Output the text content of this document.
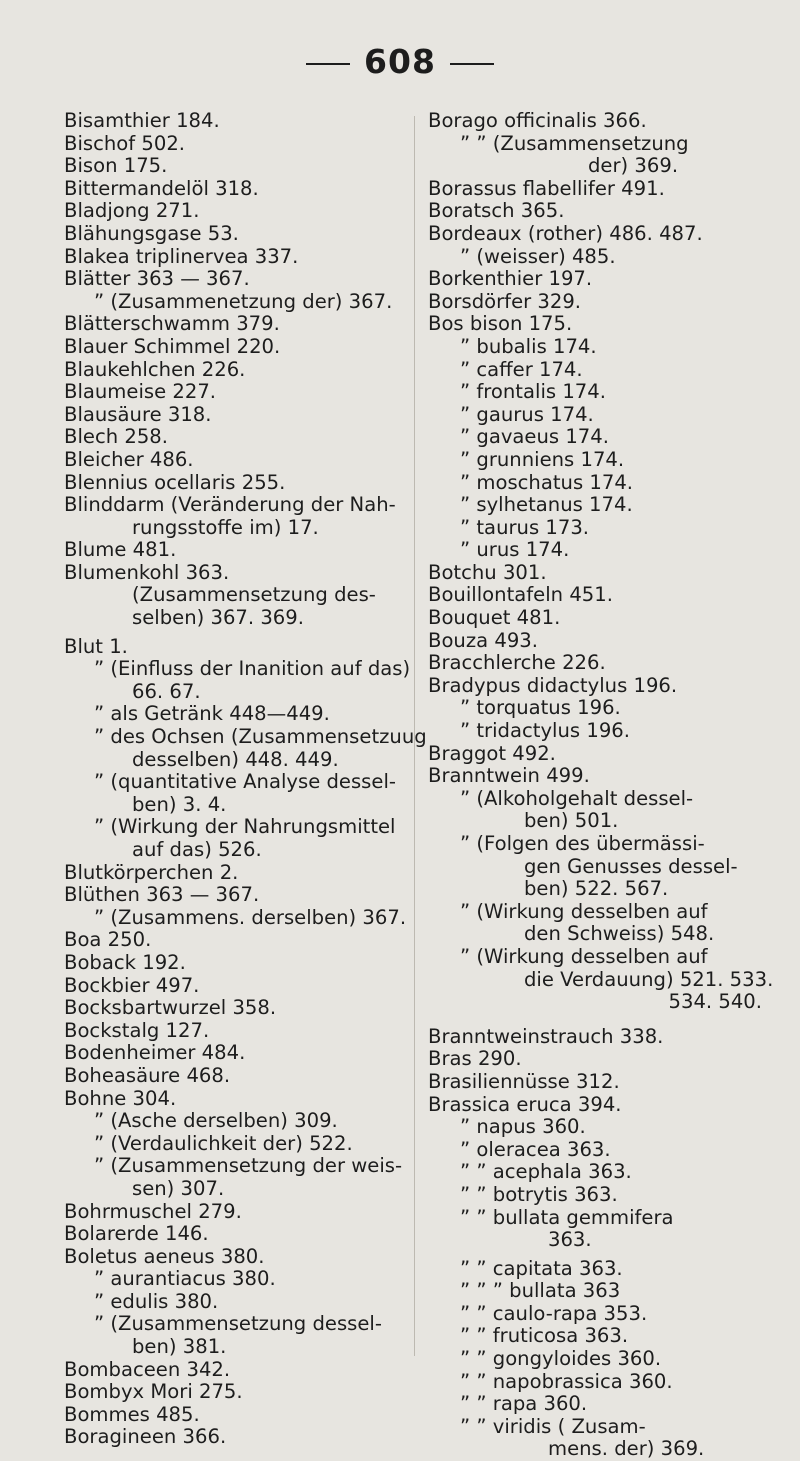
608
Bisamthier 184.
Bischof 502.
Bison 175.
Bittermandelöl 318.
Bladjong 271.
Blähungsgase 53.
Blakea triplinervea 337.
Blätter 363 — 367.
” (Zusammenetzung der) 367.
Blätterschwamm 379.
Blauer Schimmel 220.
Blaukehlchen 226.
Blaumeise 227.
Blausäure 318.
Blech 258.
Bleicher 486.
Blennius ocellaris 255.
Blinddarm (Veränderung der Nah-
rungsstoffe im) 17.
Blume 481.
Blumenkohl 363.
(Zusammensetzung des-
selben) 367. 369.
Blut 1.
” (Einfluss der Inanition auf das)
66. 67.
” als Getränk 448—449.
” des Ochsen (Zusammensetzuug
desselben) 448. 449.
” (quantitative Analyse dessel-
ben) 3. 4.
” (Wirkung der Nahrungsmittel
auf das) 526.
Blutkörperchen 2.
Blüthen 363 — 367.
” (Zusammens. derselben) 367.
Boa 250.
Boback 192.
Bockbier 497.
Bocksbartwurzel 358.
Bockstalg 127.
Bodenheimer 484.
Boheasäure 468.
Bohne 304.
” (Asche derselben) 309.
” (Verdaulichkeit der) 522.
” (Zusammensetzung der weis-
sen) 307.
Bohrmuschel 279.
Bolarerde 146.
Boletus aeneus 380.
” aurantiacus 380.
” edulis 380.
” (Zusammensetzung dessel-
ben) 381.
Bombaceen 342.
Bombyx Mori 275.
Bommes 485.
Boragineen 366.
Borago officinalis 366.
” ” (Zusammensetzung
der) 369.
Borassus flabellifer 491.
Boratsch 365.
Bordeaux (rother) 486. 487.
” (weisser) 485.
Borkenthier 197.
Borsdörfer 329.
Bos bison 175.
” bubalis 174.
” caffer 174.
” frontalis 174.
” gaurus 174.
” gavaeus 174.
” grunniens 174.
” moschatus 174.
” sylhetanus 174.
” taurus 173.
” urus 174.
Botchu 301.
Bouillontafeln 451.
Bouquet 481.
Bouza 493.
Bracchlerche 226.
Bradypus didactylus 196.
” torquatus 196.
” tridactylus 196.
Braggot 492.
Branntwein 499.
” (Alkoholgehalt dessel-
ben) 501.
” (Folgen des übermässi-
gen Genusses dessel-
ben) 522. 567.
” (Wirkung desselben auf
den Schweiss) 548.
” (Wirkung desselben auf
die Verdauung) 521. 533.
534. 540.
Branntweinstrauch 338.
Bras 290.
Brasiliennüsse 312.
Brassica eruca 394.
” napus 360.
” oleracea 363.
” ” acephala 363.
” ” botrytis 363.
” ” bullata gemmifera
363.
” ” capitata 363.
” ” ” bullata 363
” ” caulo-rapa 353.
” ” fruticosa 363.
” ” gongyloides 360.
” ” napobrassica 360.
” ” rapa 360.
” ” viridis ( Zusam-
mens. der) 369.
